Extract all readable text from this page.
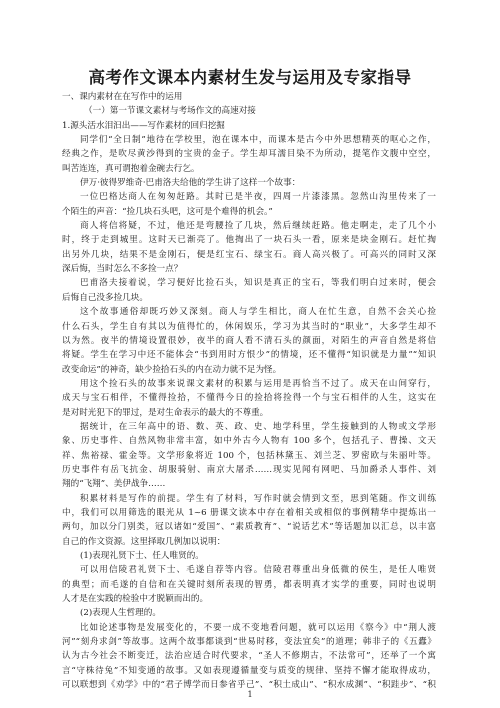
高考作文课本内素材生发与运用及专家指导
一、课内素材在在写作中的运用
（一）第一节课文素材与考场作文的高速对接
1.源头活水泪汩出——写作素材的回归挖掘
同学们“全日制”地待在学校里，泡在课本中，而课本是古今中外思想精英的呕心之作，
经典之作，是吹尽黄沙得到的宝贵的金子。学生却耳濡目染不为所动，提笔作文腹中空空，
叫苦连连，真可谓抱着金碗去行乞。
伊万·彼得罗维奇·巴甫洛夫给他的学生讲了这样一个故事：
一位巴格达商人在匆匆赶路。其时已是半夜，四周一片漆漆黑。忽然山沟里传来了一
个陌生的声音：“捡几块石头吧，这可是个难得的机会。”
商人将信将疑，不过，他还是弯腰捡了几块，然后继续赶路。他走啊走，走了几个小
时，终于走到城里。这时天已渐亮了。他掏出了一块石头一看，原来是块金刚石。赶忙掏
出另外几块，结果不是金刚石，便是红宝石、绿宝石。商人高兴极了。可高兴的同时又深
深后悔，当时怎么不多捡一点？
巴甫洛夫接着说，学习便好比捡石头，知识是真正的宝石，等我们明白过来时，便会
后悔自己没多捡几块。
这个故事通俗却既巧妙又深刻。商人与学生相比，商人在忙生意，自然不会关心捡
什么石头，学生自有其以为值得忙的，休闲娱乐，学习为其当时的“职业”，大多学生却不
以为然。夜半的情境设置很妙，夜半的商人看不清石头的颜面，对陌生的声音自然是将信
将疑。学生在学习中还不能体会“书到用时方恨少”的情境，还不懂得“知识就是力量”“知识
改变命运”的神奇，缺少捡拾石头的内在动力就不足为怪。
用这个捡石头的故事来说课文素材的积累与运用是再恰当不过了。成天在山间穿行，
成天与宝石相伴，不懂得捡拾，不懂得今日的捡拾将捡得一个与宝石相伴的人生，这实在
是对时光犯下的罪过，是对生命表示的最大的不尊重。
据统计，在三年高中的语、数、英、政、史、地学科里，学生接触到的人物或文学形
象、历史事件、自然风物非常丰富，如中外古今人物有 100 多个，包括孔子、曹操、文天
祥、焦裕禄、霍金等。文学形象将近 100 个，包括林黛玉、刘兰芝、罗密欧与朱丽叶等。
历史事件有岳飞抗金、胡服骑射、南京大屠杀……现实见闻有网吧、马加爵杀人事件、刘
翔的“飞翔”、美伊战争……
积累材料是写作的前提。学生有了材料，写作时就会情到文至，思到笔随。作文训练
中，我们可以用筛选的眼光从 1~6 册课文读本中存在着相关或相似的事例精华中提炼出一
两句，加以分门别类，冠以诸如“爱国”、“素质教育”、“说话艺术”等话题加以汇总，以丰富
自己的作文资源。这里择取几例加以说明：
(1)表现礼贤下士、任人唯贤的。
可以用信陵君礼贤下士、毛遂自荐等内容。信陵君尊重出身低微的侯生，是任人唯贤
的典型；而毛遂的自信和在关键时刻所表现的智勇，都表明真才实学的重要，同时也说明
人才是在实践的检验中才脱颖而出的。
(2)表现人生哲理的。
比如论述事物是发展变化的，不要一成不变地看问题，就可以运用《察今》中“荆人渡
河”“刻舟求剑”等故事。这两个故事都谈到“世易时移，变法宜矣”的道理；韩非子的《五蠹》
认为古今社会不断变迁，法治应适合时代要求，“圣人不修期古，不法常可”，还举了一个寓
言“守株待兔”不知变通的故事。又如表现遵循量变与质变的规律、坚持不懈才能取得成功，
可以联想到《劝学》中的“君子博学而日参省乎己”、“积土成山”、“积水成渊”、“积跬步”、“积
1
